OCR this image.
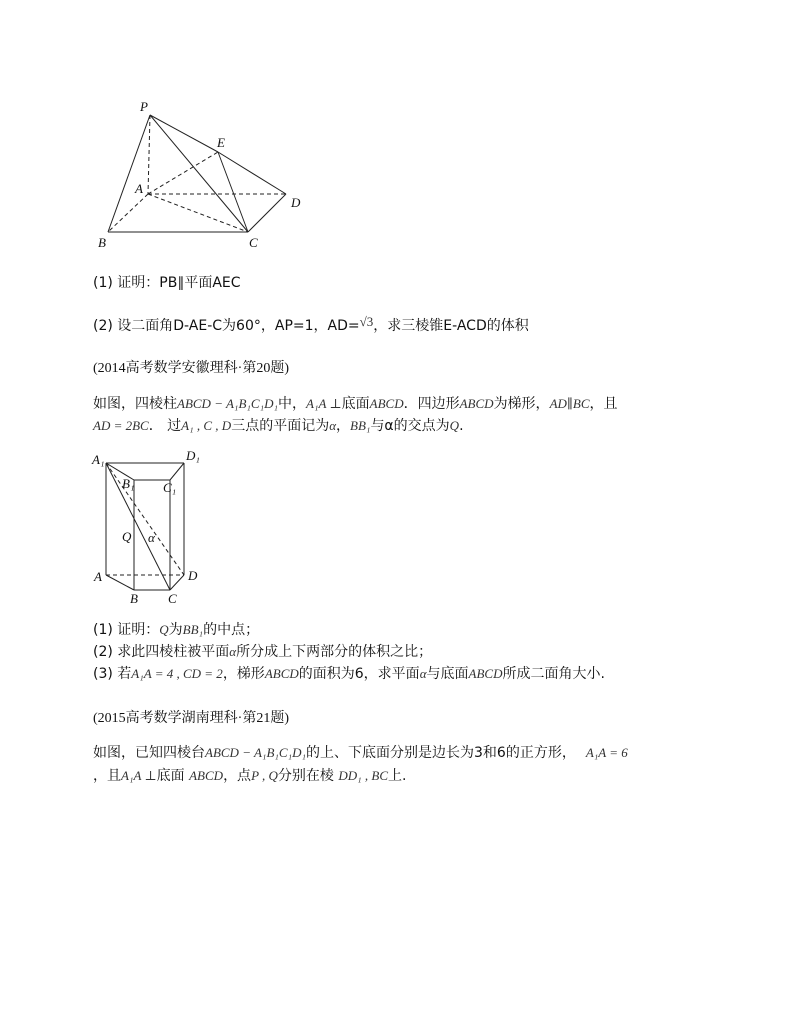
P
E
A
D
B	C
(1) 证明：PB∥平面AEC
(2) 设二面角D-AE-C为60°，AP=1，AD=√3，求三棱锥E-ACD的体积
(2014高考数学安徽理科·第20题)
如图，四棱柱ABCD − A₁B₁C₁D₁中，A₁A ⊥底面ABCD．四边形ABCD为梯形，AD∥BC，且
AD = 2BC． 过A₁ , C , D三点的平面记为α，BB₁与α的交点为Q.
A₁	D₁
B₁ C₁
Q α
A	D
B C
(1) 证明：Q为BB₁的中点；
(2) 求此四棱柱被平面α所分成上下两部分的体积之比；
(3) 若A₁A = 4 , CD = 2，梯形ABCD的面积为6，求平面α与底面ABCD所成二面角大小.
(2015高考数学湖南理科·第21题)
如图，已知四棱台ABCD − A₁B₁C₁D₁的上、下底面分别是边长为3和6的正方形， A₁A = 6
，且A₁A ⊥底面 ABCD，点P , Q分别在棱 DD₁ , BC上.
